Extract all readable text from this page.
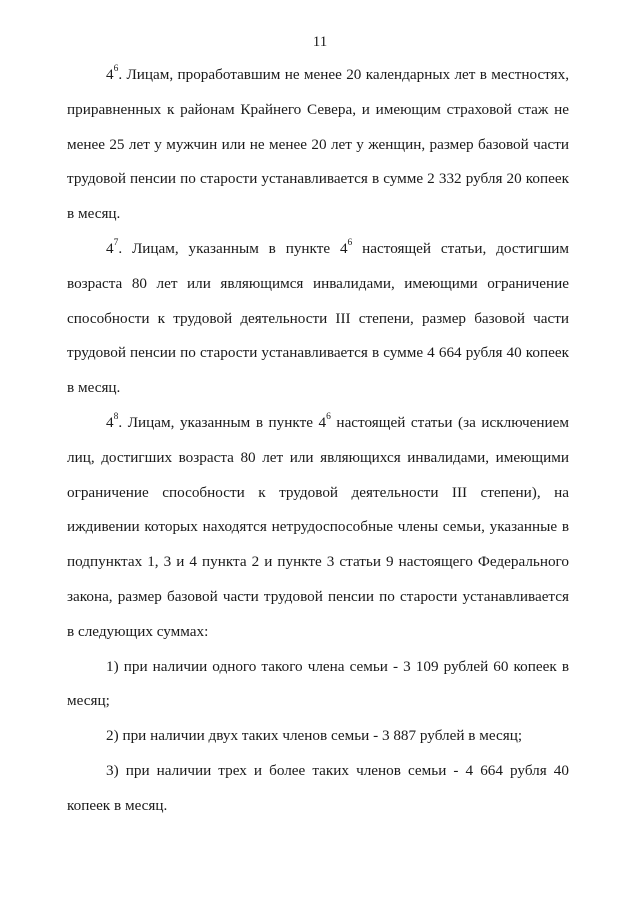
11

$4^6$. Лицам, проработавшим не менее 20 календарных лет в местностях, приравненных к районам Крайнего Севера, и имеющим страховой стаж не менее 25 лет у мужчин или не менее 20 лет у женщин, размер базовой части трудовой пенсии по старости устанавливается в сумме 2 332 рубля 20 копеек в месяц.

$4^7$. Лицам, указанным в пункте $4^6$ настоящей статьи, достигшим возраста 80 лет или являющимся инвалидами, имеющими ограничение способности к трудовой деятельности III степени, размер базовой части трудовой пенсии по старости устанавливается в сумме 4 664 рубля 40 копеек в месяц.

$4^8$. Лицам, указанным в пункте $4^6$ настоящей статьи (за исключением лиц, достигших возраста 80 лет или являющихся инвалидами, имеющими ограничение способности к трудовой деятельности III степени), на иждивении которых находятся нетрудоспособные члены семьи, указанные в подпунктах 1, 3 и 4 пункта 2 и пункте 3 статьи 9 настоящего Федерального закона, размер базовой части трудовой пенсии по старости устанавливается в следующих суммах:

1) при наличии одного такого члена семьи - 3 109 рублей 60 копеек в месяц;

2) при наличии двух таких членов семьи - 3 887 рублей в месяц;

3) при наличии трех и более таких членов семьи - 4 664 рубля 40 копеек в месяц.
